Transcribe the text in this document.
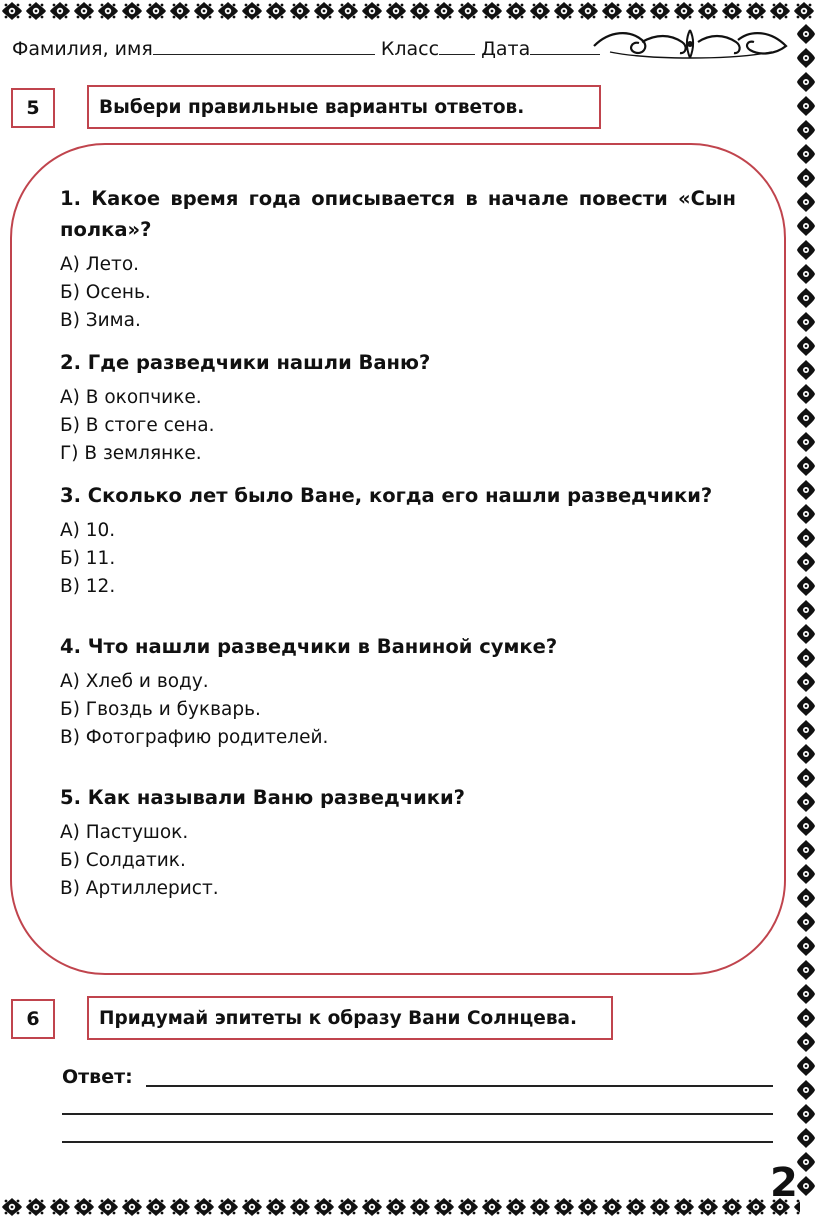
Фамилия, имя	Класс Дата
5	Выбери правильные варианты ответов.

1. Какое время года описывается в начале повести «Сын полка»?

А) Лето.
Б) Осень.
В) Зима.

2. Где разведчики нашли Ваню?

А) В окопчике.
Б) В стоге сена.
Г) В землянке.

3. Сколько лет было Ване, когда его нашли разведчики?

А) 10.
Б) 11.
В) 12.

4. Что нашли разведчики в Ваниной сумке?

А) Хлеб и воду.
Б) Гвоздь и букварь.
В) Фотографию родителей.

5. Как называли Ваню разведчики?

А) Пастушок.
Б) Солдатик.
В) Артиллерист.
6	Придумай эпитеты к образу Вани Солнцева.
Ответ:
2
